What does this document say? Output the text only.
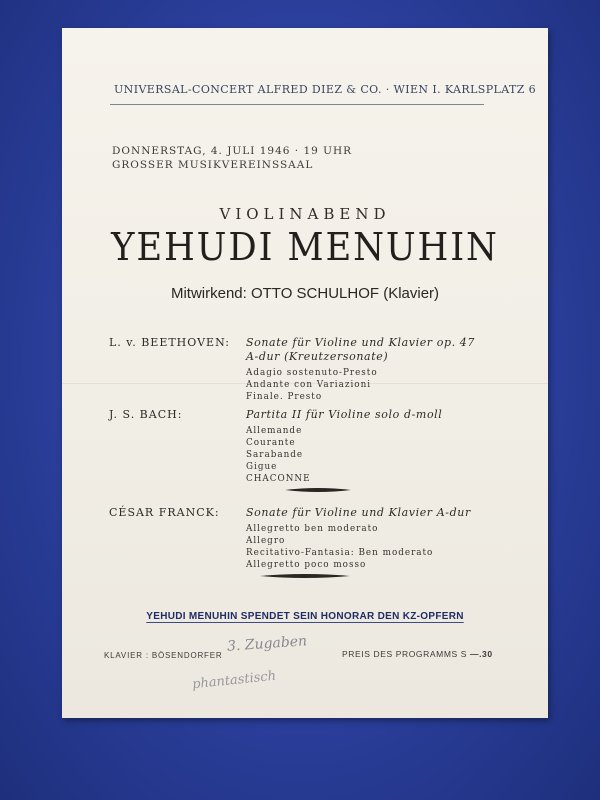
UNIVERSAL-CONCERT ALFRED DIEZ & CO. · WIEN I. KARLSPLATZ 6
DONNERSTAG, 4. JULI 1946 · 19 UHR
GROSSER MUSIKVEREINSSAAL
VIOLINABEND
YEHUDI MENUHIN
Mitwirkend: OTTO SCHULHOF (Klavier)
L. v. BEETHOVEN: Sonate für Violine und Klavier op. 47
A-dur (Kreutzersonate)
Adagio sostenuto-Presto
Andante con Variazioni
Finale. Presto
J. S. BACH:	Partita II für Violine solo d-moll
Allemande
Courante
Sarabande
Gigue
CHACONNE
CÉSAR FRANCK: Sonate für Violine und Klavier A-dur
Allegretto ben moderato
Allegro
Recitativo-Fantasia: Ben moderato
Allegretto poco mosso
YEHUDI MENUHIN SPENDET SEIN HONORAR DEN KZ-OPFERN
3. Zugaben
KLAVIER : BÖSENDORFER	PREIS DES PROGRAMMS S —.30
phantastisch
